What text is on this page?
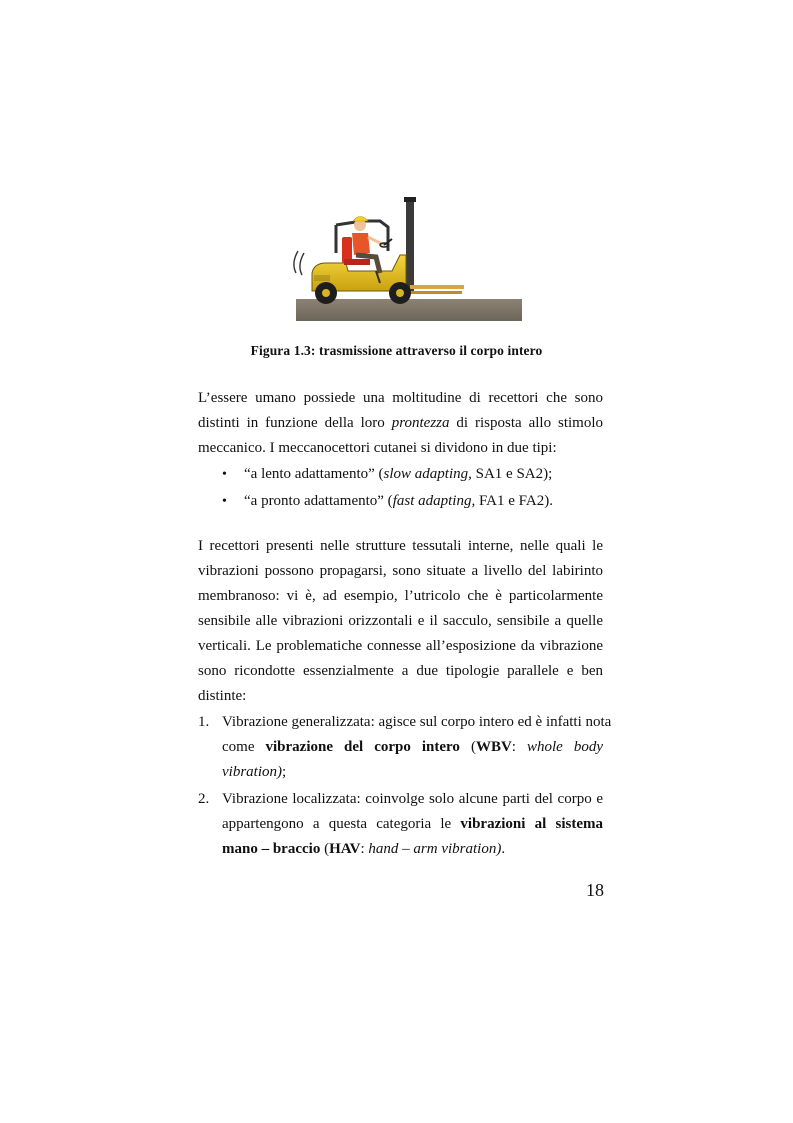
Figura 1.3: trasmissione attraverso il corpo intero
L’essere umano possiede una moltitudine di recettori che sono
distinti in funzione della loro prontezza di risposta allo stimolo
meccanico. I meccanocettori cutanei si dividono in due tipi:
• “a lento adattamento” (slow adapting, SA1 e SA2);
• “a pronto adattamento” (fast adapting, FA1 e FA2).
I recettori presenti nelle strutture tessutali interne, nelle quali le
vibrazioni possono propagarsi, sono situate a livello del labirinto
membranoso: vi è, ad esempio, l’utricolo che è particolarmente
sensibile alle vibrazioni orizzontali e il sacculo, sensibile a quelle
verticali. Le problematiche connesse all’esposizione da vibrazione
sono ricondotte essenzialmente a due tipologie parallele e ben
distinte:
1. Vibrazione generalizzata: agisce sul corpo intero ed è infatti nota
come vibrazione del corpo intero (WBV: whole body
vibration);
2. Vibrazione localizzata: coinvolge solo alcune parti del corpo e
appartengono a questa categoria le vibrazioni al sistema
mano – braccio (HAV: hand – arm vibration).
18
